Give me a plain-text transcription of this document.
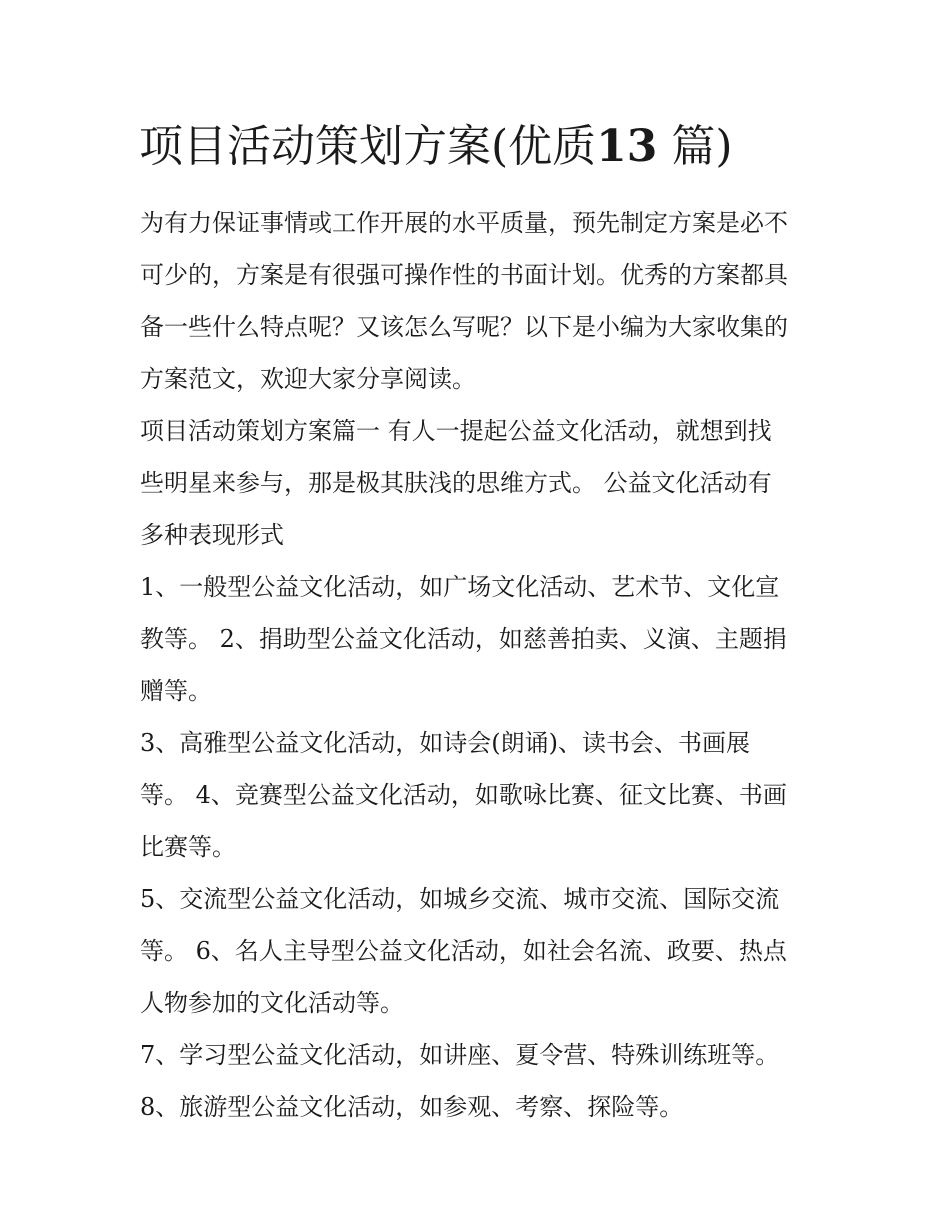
项目活动策划方案(优质13 篇)
为有力保证事情或工作开展的水平质量，预先制定方案是必不
可少的，方案是有很强可操作性的书面计划。优秀的方案都具
备一些什么特点呢？又该怎么写呢？以下是小编为大家收集的
方案范文，欢迎大家分享阅读。
项目活动策划方案篇一 有人一提起公益文化活动，就想到找
些明星来参与，那是极其肤浅的思维方式。 公益文化活动有
多种表现形式
1、一般型公益文化活动，如广场文化活动、艺术节、文化宣
教等。 2、捐助型公益文化活动，如慈善拍卖、义演、主题捐
赠等。
3、高雅型公益文化活动，如诗会(朗诵)、读书会、书画展
等。 4、竞赛型公益文化活动，如歌咏比赛、征文比赛、书画
比赛等。
5、交流型公益文化活动，如城乡交流、城市交流、国际交流
等。 6、名人主导型公益文化活动，如社会名流、政要、热点
人物参加的文化活动等。
7、学习型公益文化活动，如讲座、夏令营、特殊训练班等。
8、旅游型公益文化活动，如参观、考察、探险等。
